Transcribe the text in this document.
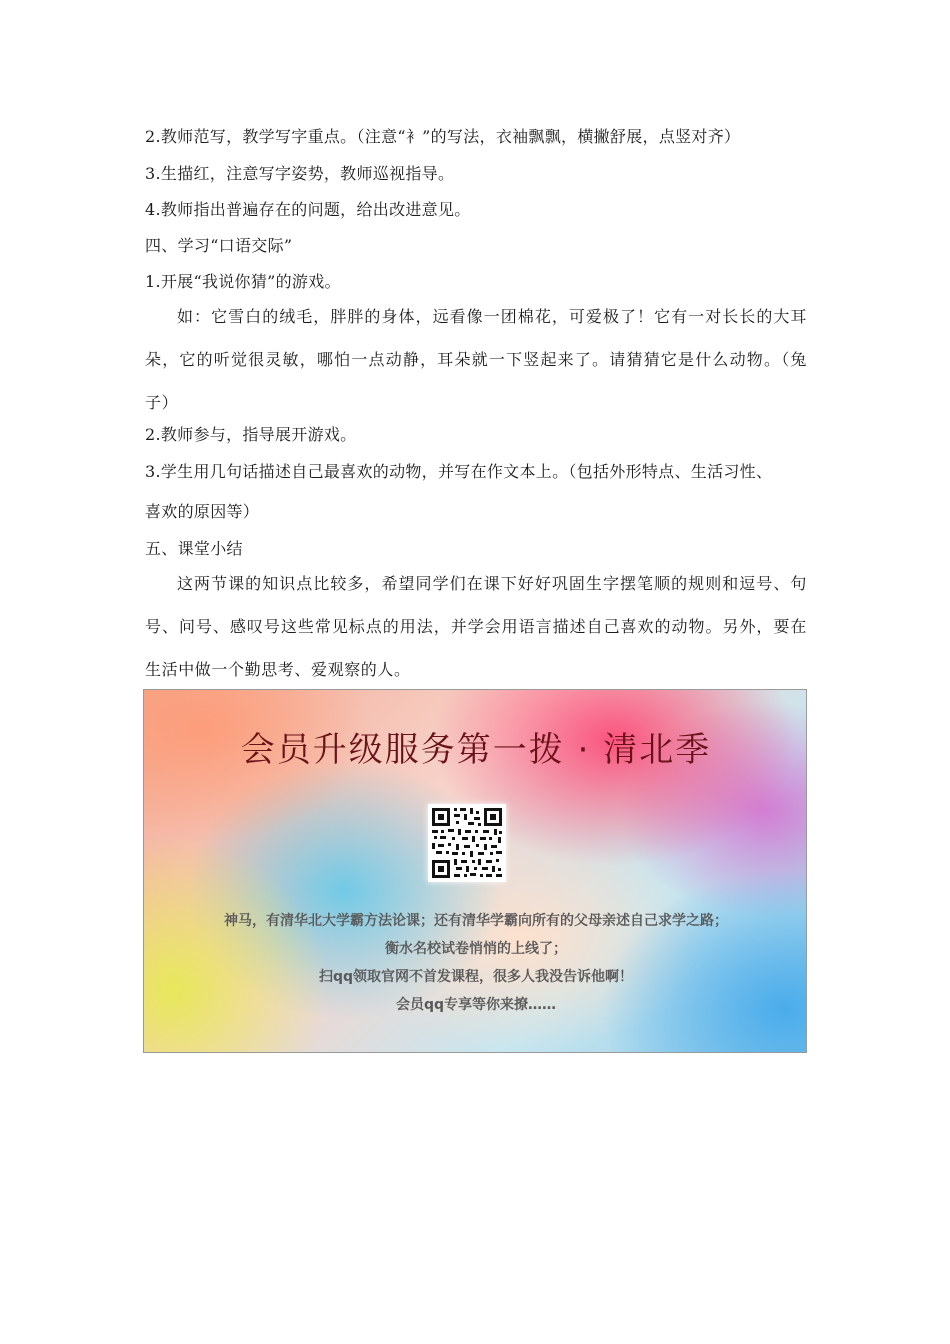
2.教师范写，教学写字重点。（注意“衤”的写法，衣袖飘飘，横撇舒展，点竖对齐）
3.生描红，注意写字姿势，教师巡视指导。
4.教师指出普遍存在的问题，给出改进意见。
四、学习“口语交际”
1.开展“我说你猜”的游戏。
如：它雪白的绒毛，胖胖的身体，远看像一团棉花，可爱极了！它有一对长长的大耳朵，它的听觉很灵敏，哪怕一点动静，耳朵就一下竖起来了。请猜猜它是什么动物。（兔子）
2.教师参与，指导展开游戏。
3.学生用几句话描述自己最喜欢的动物，并写在作文本上。（包括外形特点、生活习性、
喜欢的原因等）
五、课堂小结
这两节课的知识点比较多，希望同学们在课下好好巩固生字摆笔顺的规则和逗号、句号、问号、感叹号这些常见标点的用法，并学会用语言描述自己喜欢的动物。另外，要在生活中做一个勤思考、爱观察的人。
会员升级服务第一拨 · 清北季
神马，有清华北大学霸方法论课；还有清华学霸向所有的父母亲述自己求学之路；
衡水名校试卷悄悄的上线了；
扫qq领取官网不首发课程，很多人我没告诉他啊！
会员qq专享等你来撩……
